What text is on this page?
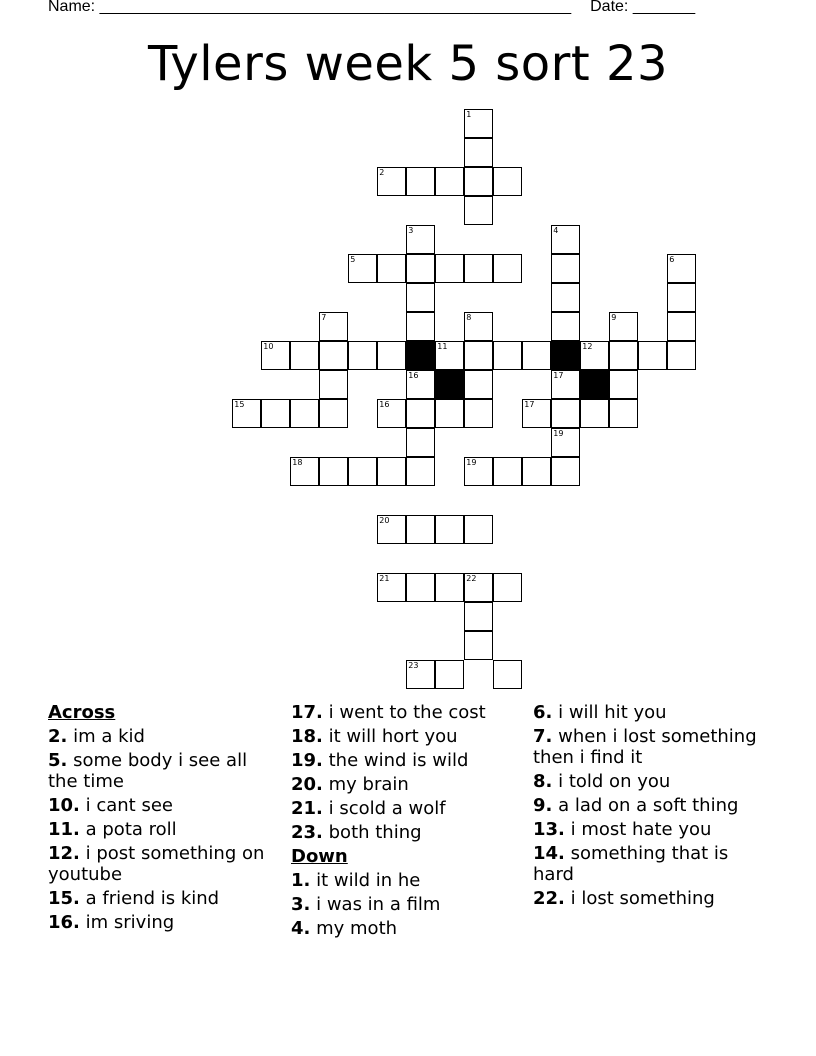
Name: _____________________________________________________ Date: _______
Tylers week 5 sort 23
1
2
3
16
4
17
19
5	6
7	8	9
10	11	12
15	16	17
18	19
20
21	22
23
Across
2. im a kid
5. some body i see all the time
10. i cant see
11. a pota roll
12. i post something on youtube
15. a friend is kind
16. im sriving
17. i went to the cost
18. it will hort you
19. the wind is wild
20. my brain
21. i scold a wolf
23. both thing
Down
1. it wild in he
3. i was in a film
4. my moth
6. i will hit you
7. when i lost something then i find it
8. i told on you
9. a lad on a soft thing
13. i most hate you
14. something that is hard
22. i lost something
